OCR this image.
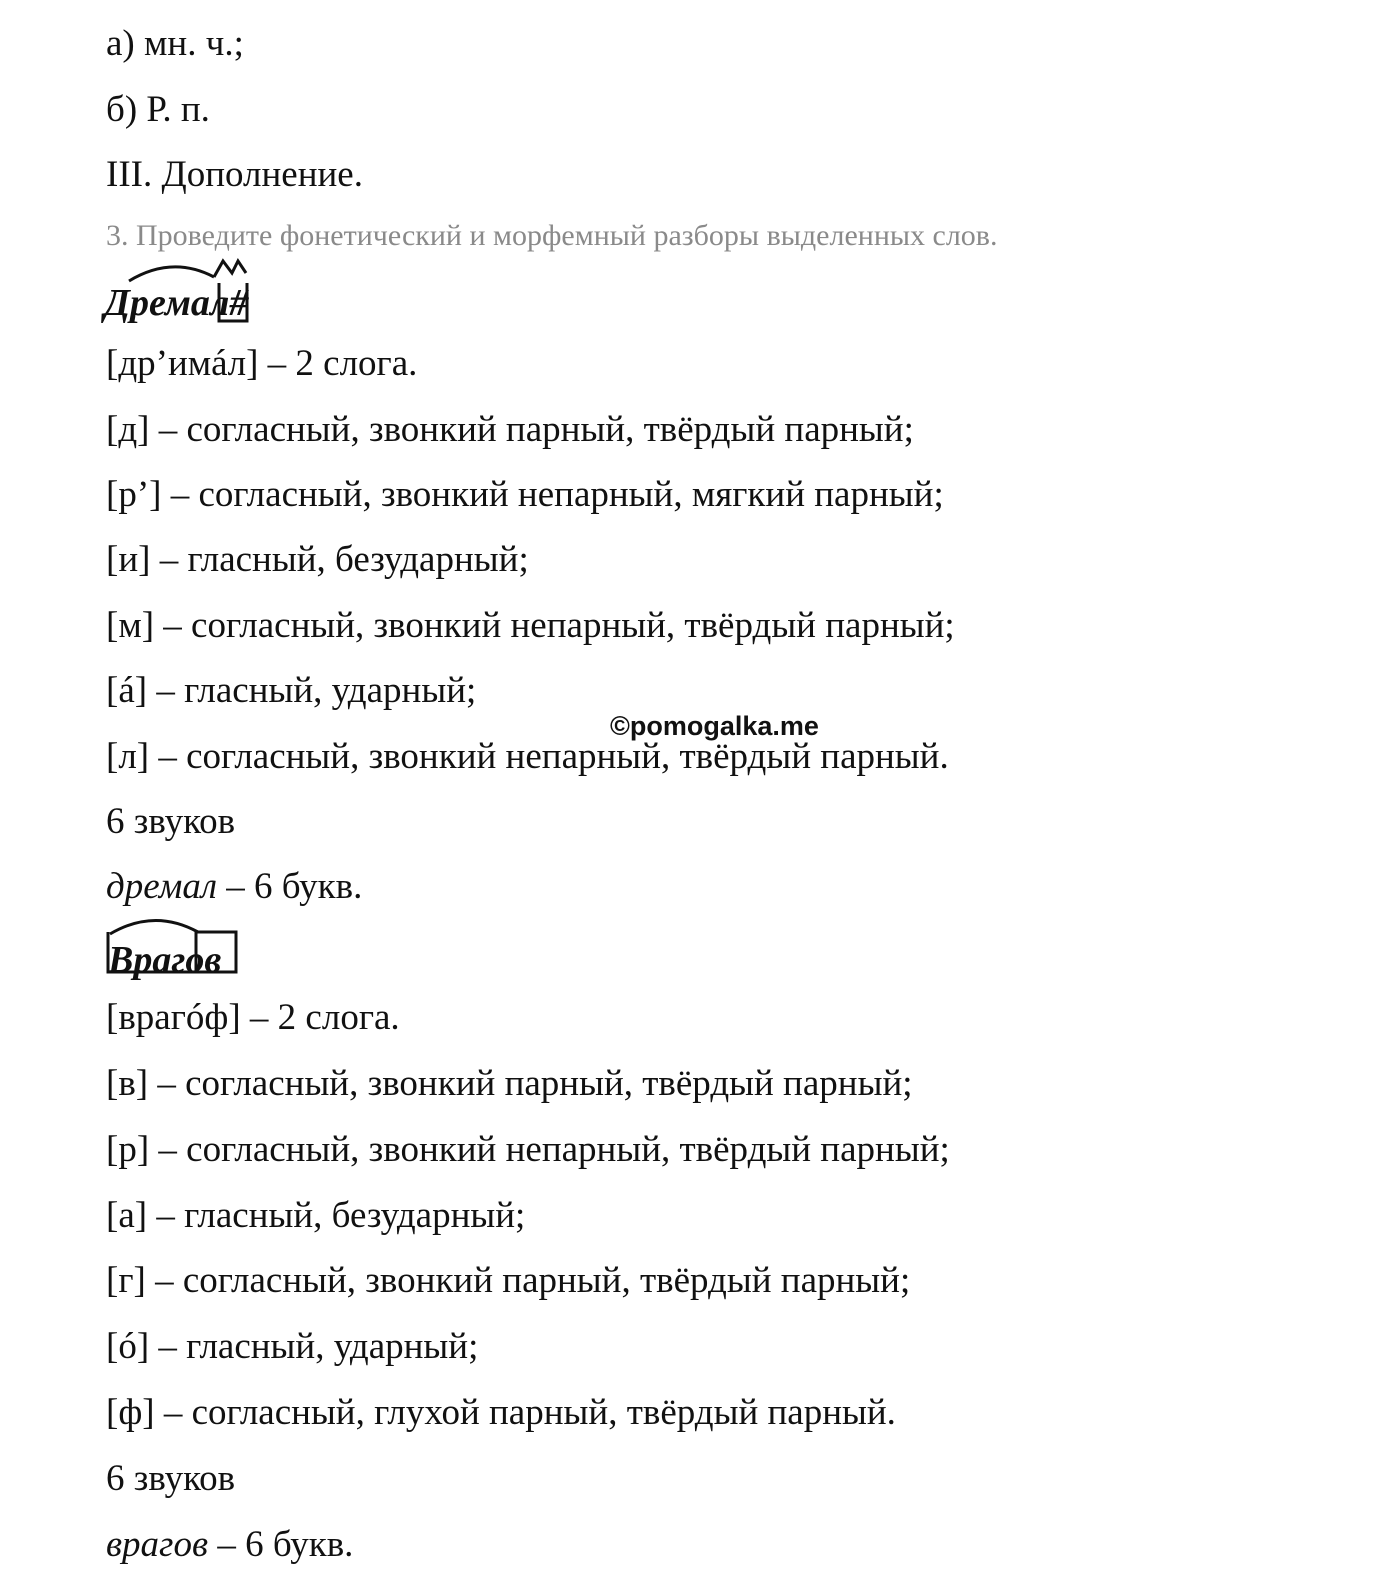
а) мн. ч.;
б) Р. п.
III. Дополнение.
3. Проведите фонетический и морфемный разборы выделенных слов.
Дремал#
[дрʼимáл] – 2 слога.
[д] – согласный, звонкий парный, твёрдый парный;
[рʼ] – согласный, звонкий непарный, мягкий парный;
[и] – гласный, безударный;
[м] – согласный, звонкий непарный, твёрдый парный;
[á] – гласный, ударный;
[л] – согласный, звонкий непарный, твёрдый парный.
6 звуков
дремал – 6 букв.
©pomogalka.me
Врагов
[врагóф] – 2 слога.
[в] – согласный, звонкий парный, твёрдый парный;
[р] – согласный, звонкий непарный, твёрдый парный;
[а] – гласный, безударный;
[г] – согласный, звонкий парный, твёрдый парный;
[ó] – гласный, ударный;
[ф] – согласный, глухой парный, твёрдый парный.
6 звуков
врагов – 6 букв.
